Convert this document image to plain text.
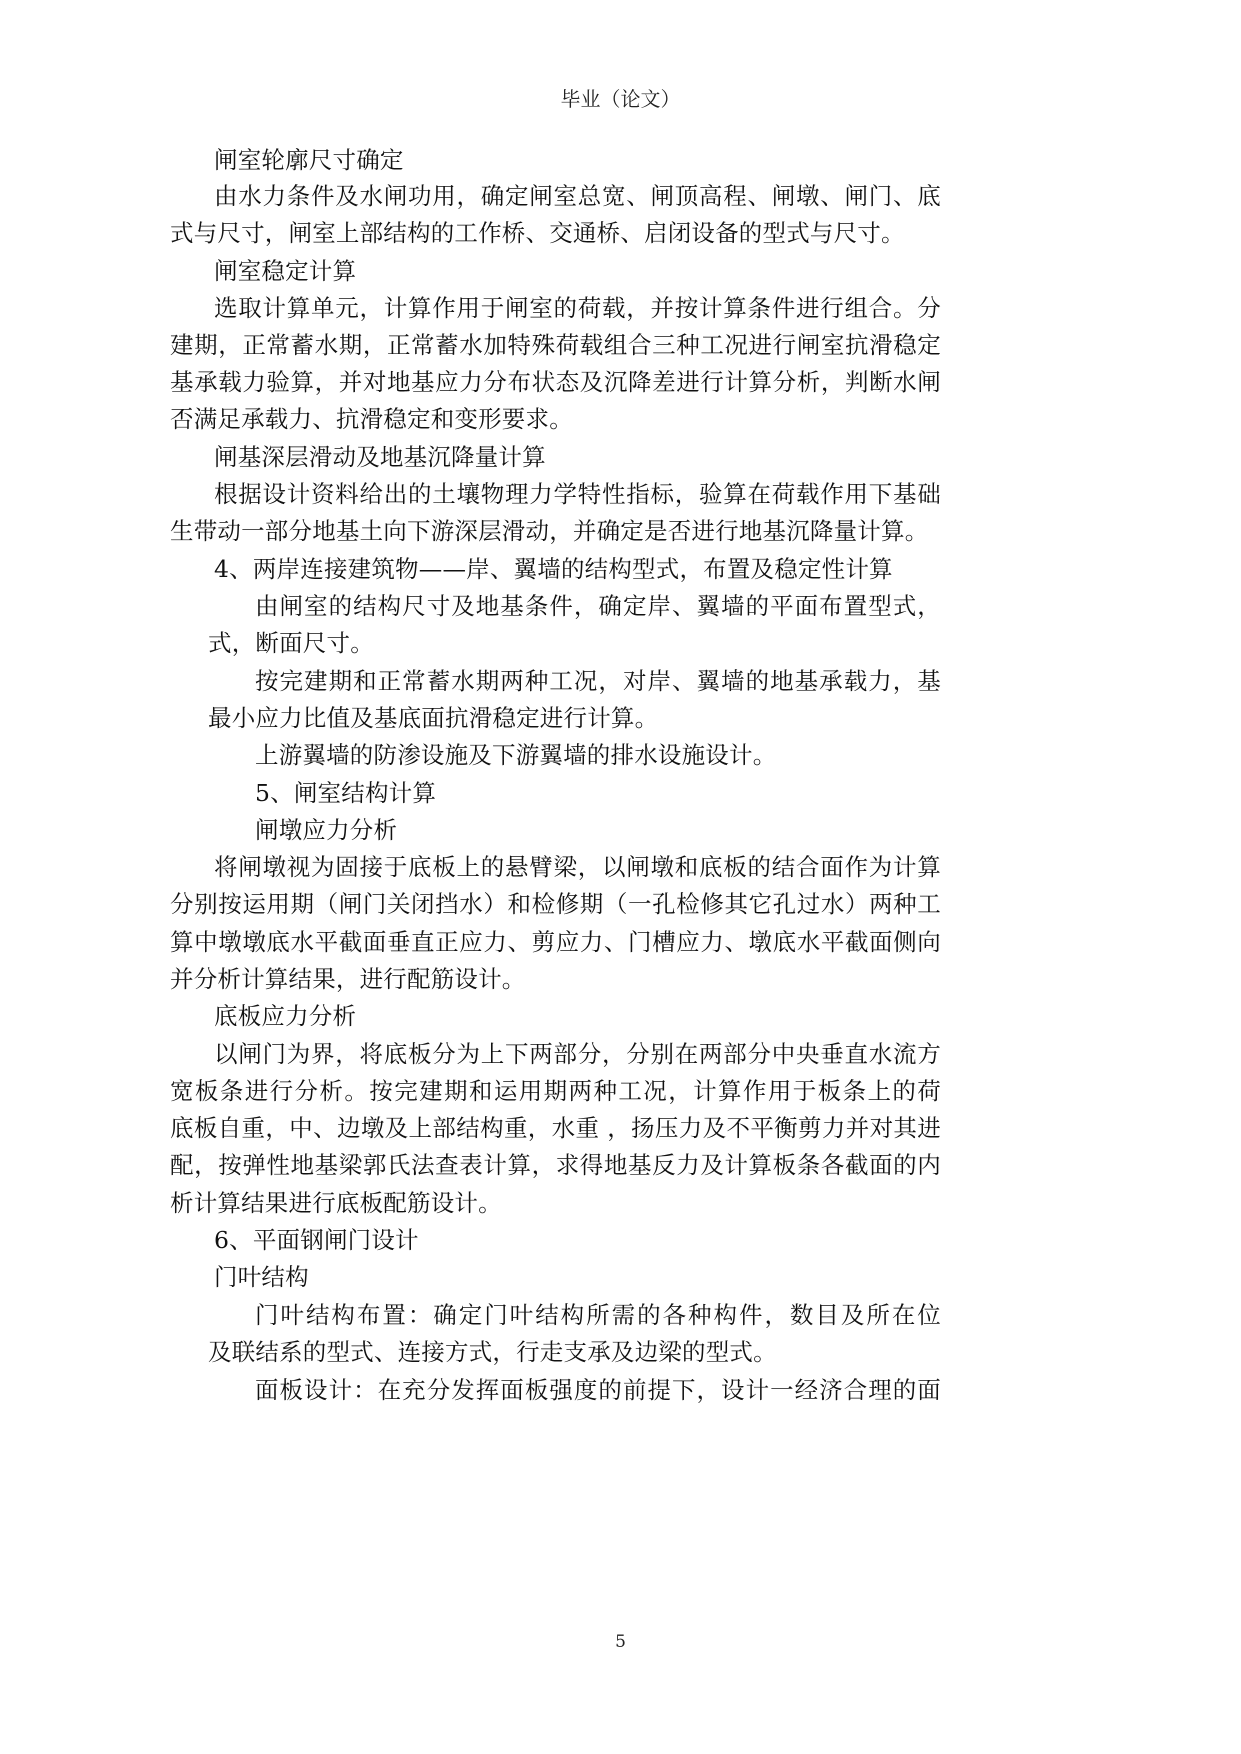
毕业（论文）
闸室轮廓尺寸确定
由水力条件及水闸功用，确定闸室总宽、闸顶高程、闸墩、闸门、底
式与尺寸，闸室上部结构的工作桥、交通桥、启闭设备的型式与尺寸。
闸室稳定计算
选取计算单元，计算作用于闸室的荷载，并按计算条件进行组合。分
建期，正常蓄水期，正常蓄水加特殊荷载组合三种工况进行闸室抗滑稳定
基承载力验算，并对地基应力分布状态及沉降差进行计算分析，判断水闸
否满足承载力、抗滑稳定和变形要求。
闸基深层滑动及地基沉降量计算
根据设计资料给出的土壤物理力学特性指标，验算在荷载作用下基础
生带动一部分地基土向下游深层滑动，并确定是否进行地基沉降量计算。
4、两岸连接建筑物——岸、翼墙的结构型式，布置及稳定性计算
由闸室的结构尺寸及地基条件，确定岸、翼墙的平面布置型式，
式，断面尺寸。
按完建期和正常蓄水期两种工况，对岸、翼墙的地基承载力，基
最小应力比值及基底面抗滑稳定进行计算。
上游翼墙的防渗设施及下游翼墙的排水设施设计。
5、闸室结构计算
闸墩应力分析
将闸墩视为固接于底板上的悬臂梁，以闸墩和底板的结合面作为计算
分别按运用期（闸门关闭挡水）和检修期（一孔检修其它孔过水）两种工
算中墩墩底水平截面垂直正应力、剪应力、门槽应力、墩底水平截面侧向
并分析计算结果，进行配筋设计。
底板应力分析
以闸门为界，将底板分为上下两部分，分别在两部分中央垂直水流方
宽板条进行分析。按完建期和运用期两种工况，计算作用于板条上的荷
底板自重，中、边墩及上部结构重，水重 ，扬压力及不平衡剪力并对其进
配，按弹性地基梁郭氏法查表计算，求得地基反力及计算板条各截面的内
析计算结果进行底板配筋设计。
6、平面钢闸门设计
门叶结构
门叶结构布置：确定门叶结构所需的各种构件，数目及所在位
及联结系的型式、连接方式，行走支承及边梁的型式。
面板设计：在充分发挥面板强度的前提下，设计一经济合理的面
5
